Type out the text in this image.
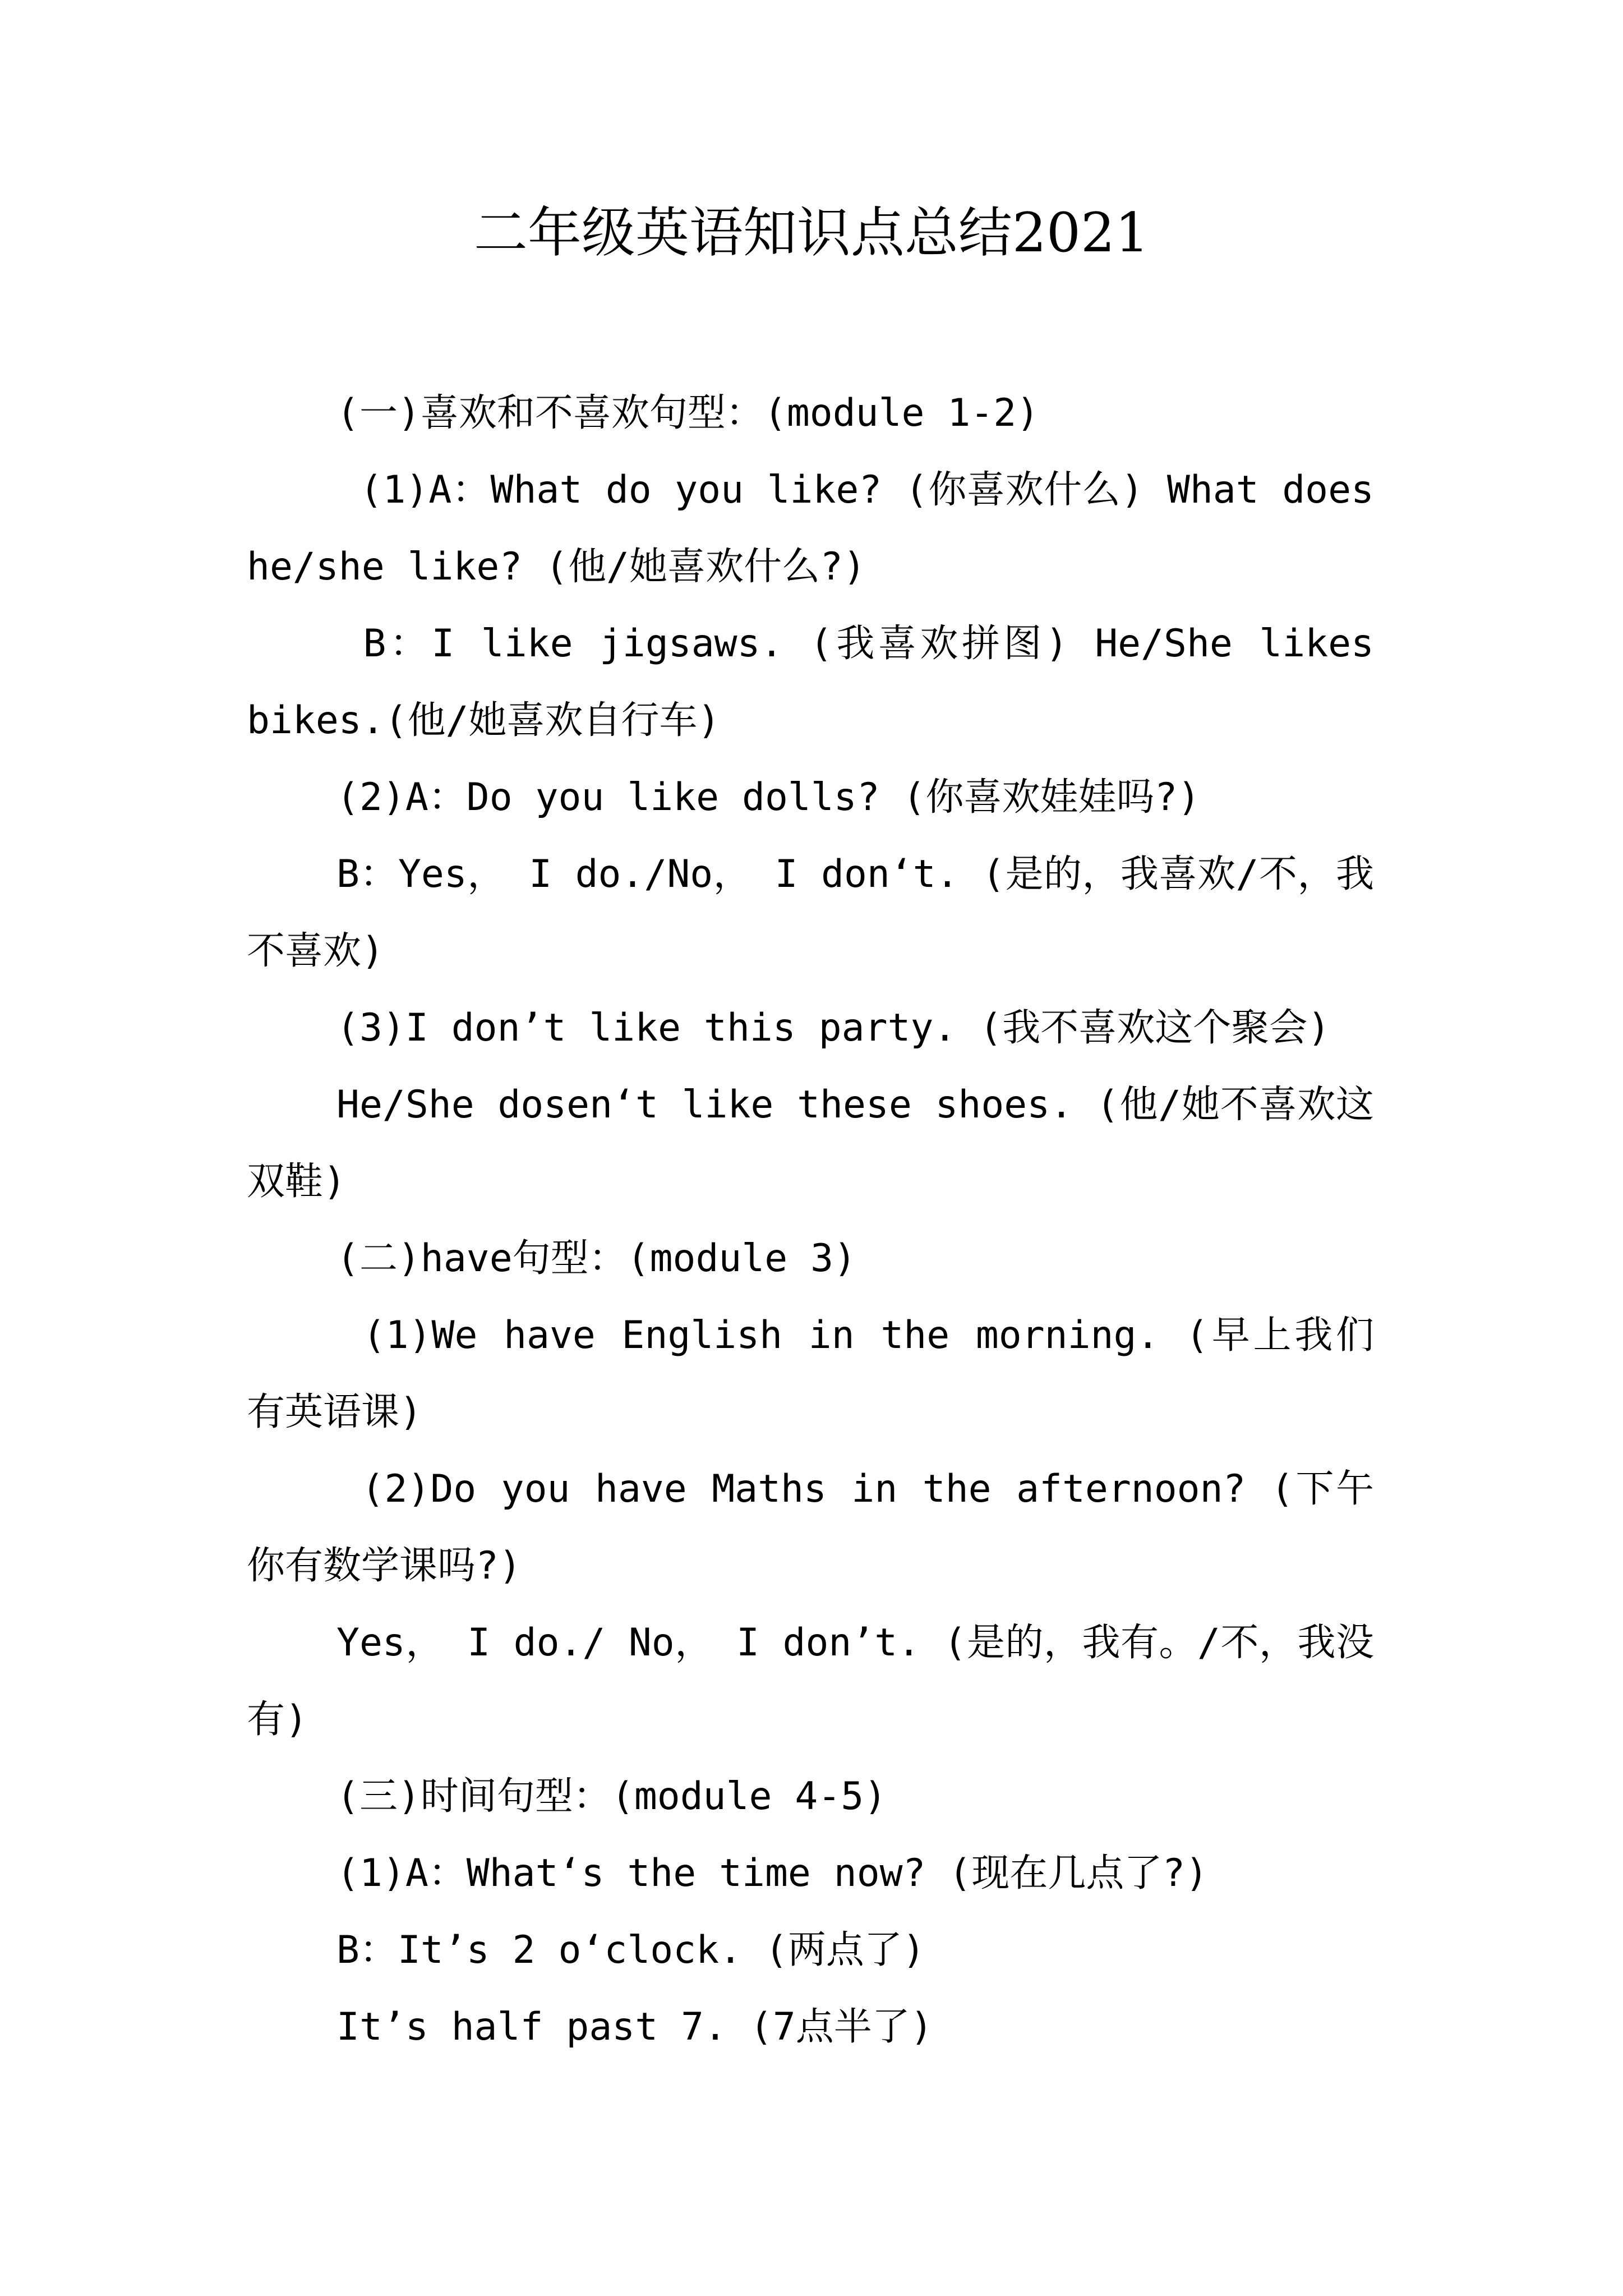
二年级英语知识点总结2021

(一)喜欢和不喜欢句型：(module 1-2)

(1)A：What do you like? (你喜欢什么) What does he/she like? (他/她喜欢什么?)

B：I like jigsaws. (我喜欢拼图) He/She likes bikes.(他/她喜欢自行车)

(2)A：Do you like dolls? (你喜欢娃娃吗?)

B：Yes， I do./No， I don‘t. (是的，我喜欢/不，我不喜欢)

(3)I don’t like this party. (我不喜欢这个聚会)

He/She dosen‘t like these shoes. (他/她不喜欢这双鞋)

(二)have句型：(module 3)

(1)We have English in the morning. (早上我们有英语课)

(2)Do you have Maths in the afternoon? (下午你有数学课吗?)

Yes， I do./ No， I don’t. (是的，我有。/不，我没有)

(三)时间句型：(module 4-5)

(1)A：What‘s the time now? (现在几点了?)

B：It’s 2 o‘clock. (两点了)

It’s half past 7. (7点半了)
